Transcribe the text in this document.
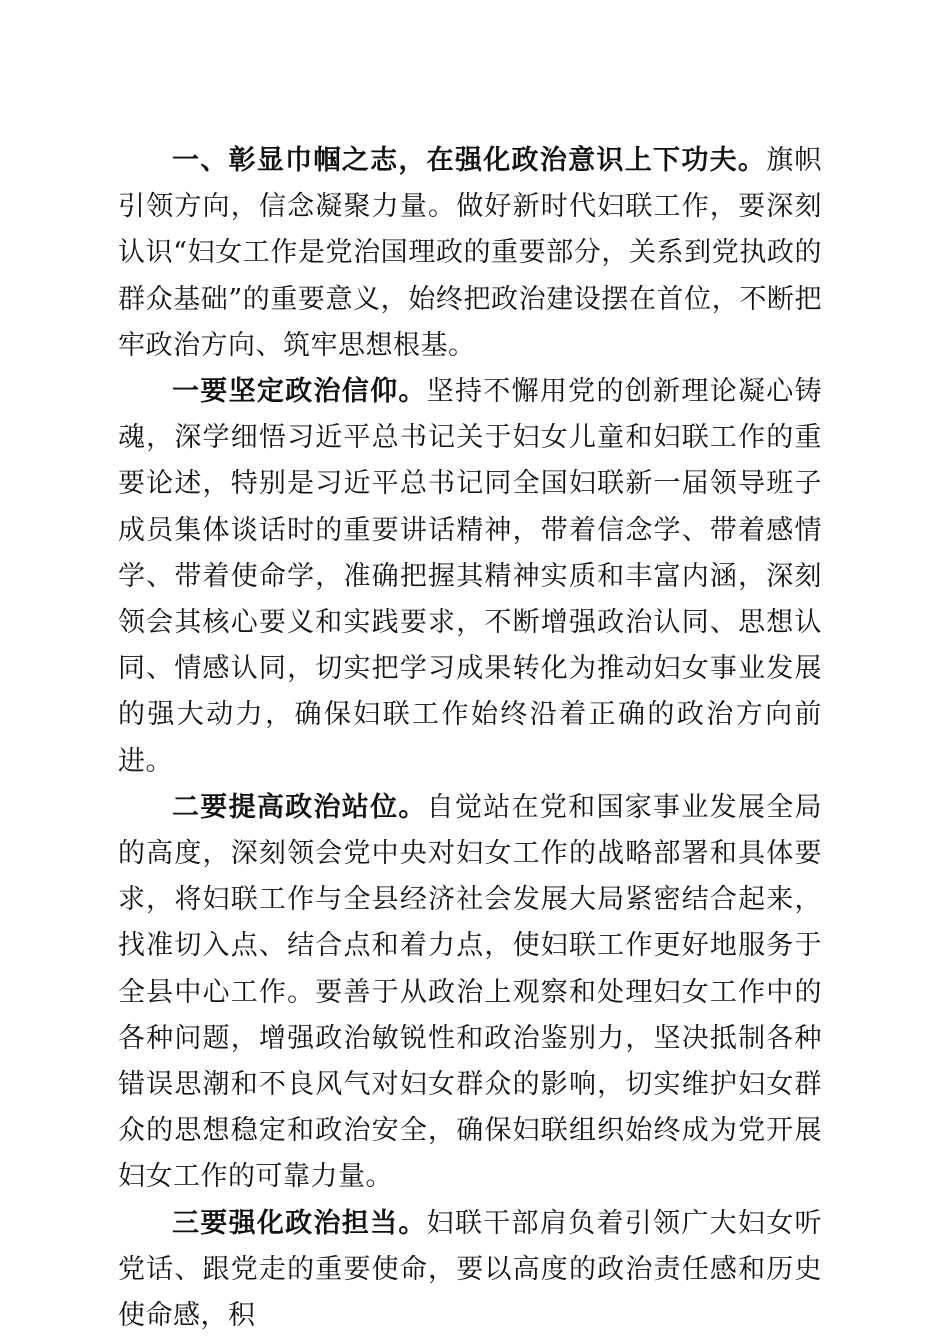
一、彰显巾帼之志，在强化政治意识上下功夫。旗帜引领方向，信念凝聚力量。做好新时代妇联工作，要深刻认识“妇女工作是党治国理政的重要部分，关系到党执政的群众基础”的重要意义，始终把政治建设摆在首位，不断把牢政治方向、筑牢思想根基。

一要坚定政治信仰。坚持不懈用党的创新理论凝心铸魂，深学细悟习近平总书记关于妇女儿童和妇联工作的重要论述，特别是习近平总书记同全国妇联新一届领导班子成员集体谈话时的重要讲话精神，带着信念学、带着感情学、带着使命学，准确把握其精神实质和丰富内涵，深刻领会其核心要义和实践要求，不断增强政治认同、思想认同、情感认同，切实把学习成果转化为推动妇女事业发展的强大动力，确保妇联工作始终沿着正确的政治方向前进。

二要提高政治站位。自觉站在党和国家事业发展全局的高度，深刻领会党中央对妇女工作的战略部署和具体要求，将妇联工作与全县经济社会发展大局紧密结合起来，找准切入点、结合点和着力点，使妇联工作更好地服务于全县中心工作。要善于从政治上观察和处理妇女工作中的各种问题，增强政治敏锐性和政治鉴别力，坚决抵制各种错误思潮和不良风气对妇女群众的影响，切实维护妇女群众的思想稳定和政治安全，确保妇联组织始终成为党开展妇女工作的可靠力量。

三要强化政治担当。妇联干部肩负着引领广大妇女听党话、跟党走的重要使命，要以高度的政治责任感和历史使命感，积
